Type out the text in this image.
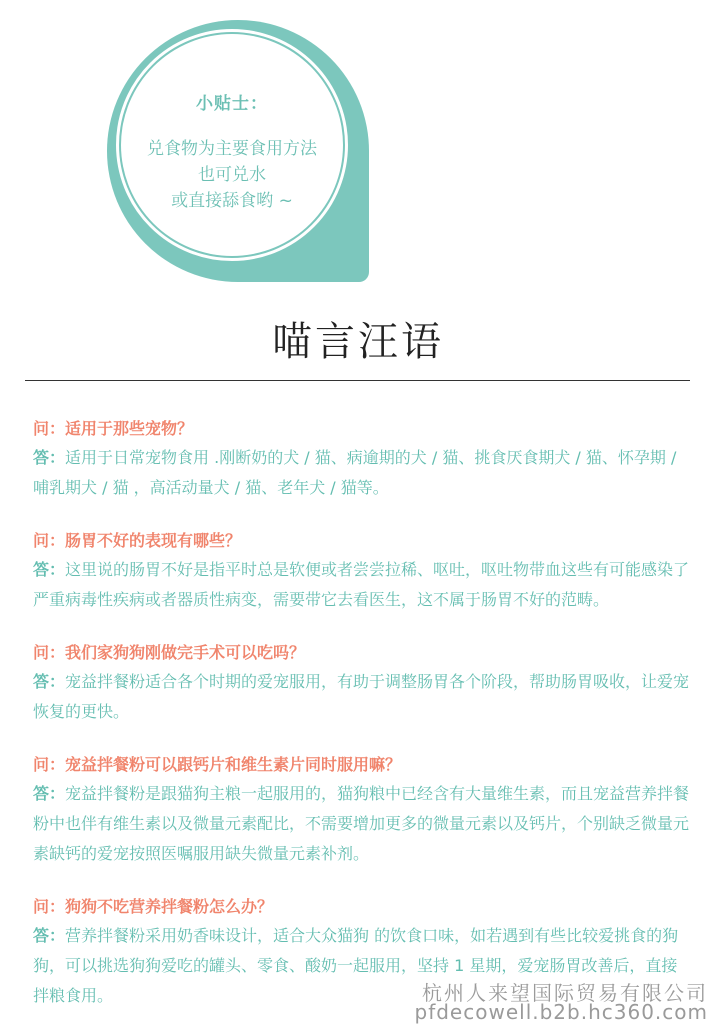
小贴士：
兑食物为主要食用方法
也可兑水
或直接舔食哟 ~
喵言汪语
问：适用于那些宠物？
答：适用于日常宠物食用 .刚断奶的犬 / 猫、病逾期的犬 / 猫、挑食厌食期犬 / 猫、怀孕期 / 哺乳期犬 / 猫 ，高活动量犬 / 猫、老年犬 / 猫等。
问：肠胃不好的表现有哪些？
答：这里说的肠胃不好是指平时总是软便或者尝尝拉稀、呕吐，呕吐物带血这些有可能感染了严重病毒性疾病或者器质性病变，需要带它去看医生，这不属于肠胃不好的范畴。
问：我们家狗狗刚做完手术可以吃吗？
答：宠益拌餐粉适合各个时期的爱宠服用，有助于调整肠胃各个阶段，帮助肠胃吸收，让爱宠恢复的更快。
问：宠益拌餐粉可以跟钙片和维生素片同时服用嘛？
答：宠益拌餐粉是跟猫狗主粮一起服用的，猫狗粮中已经含有大量维生素，而且宠益营养拌餐粉中也伴有维生素以及微量元素配比，不需要增加更多的微量元素以及钙片，个别缺乏微量元素缺钙的爱宠按照医嘱服用缺失微量元素补剂。
问：狗狗不吃营养拌餐粉怎么办？
答：营养拌餐粉采用奶香味设计，适合大众猫狗 的饮食口味，如若遇到有些比较爱挑食的狗狗，可以挑选狗狗爱吃的罐头、零食、酸奶一起服用，坚持 1 星期，爱宠肠胃改善后，直接拌粮食用。	杭州人来望国际贸易有限公司
pfdecowell.b2b.hc360.com
